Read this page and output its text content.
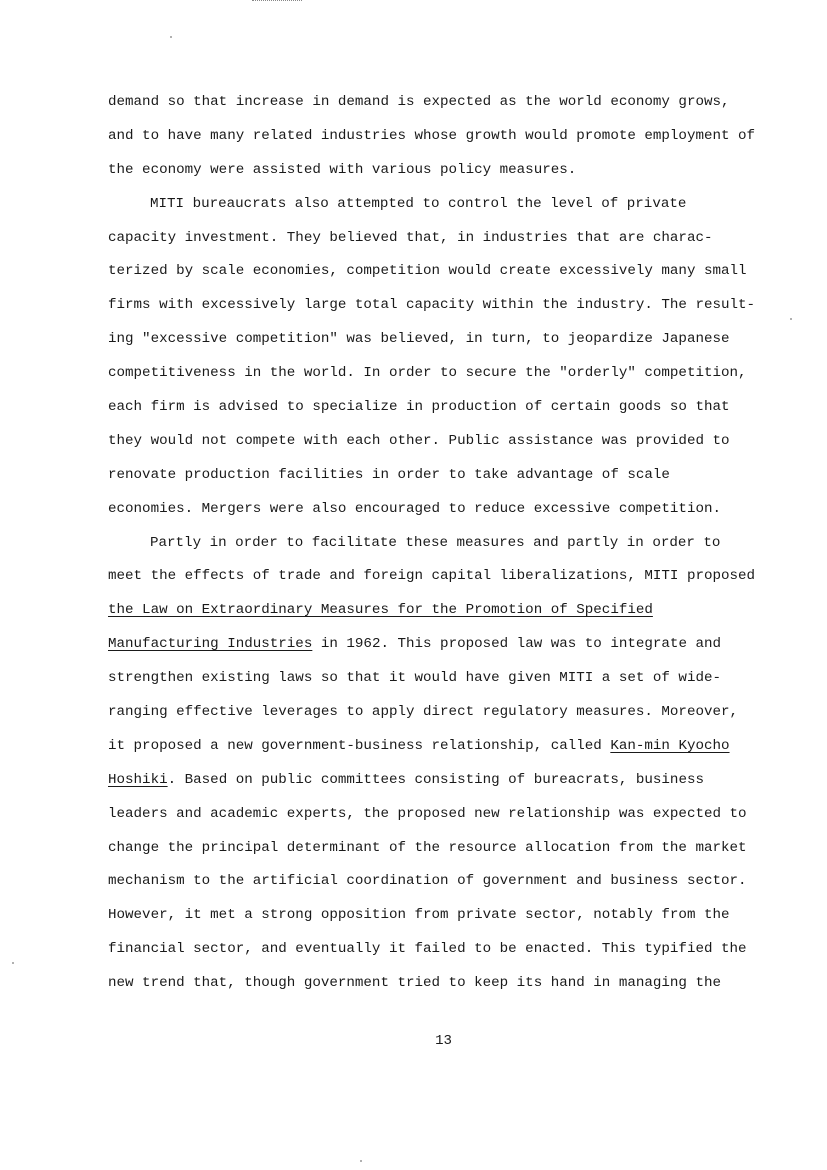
demand so that increase in demand is expected as the world economy grows,
and to have many related industries whose growth would promote employment of
the economy were assisted with various policy measures.
MITI bureaucrats also attempted to control the level of private
capacity investment. They believed that, in industries that are charac-
terized by scale economies, competition would create excessively many small
firms with excessively large total capacity within the industry. The result-
ing "excessive competition" was believed, in turn, to jeopardize Japanese
competitiveness in the world. In order to secure the "orderly" competition,
each firm is advised to specialize in production of certain goods so that
they would not compete with each other. Public assistance was provided to
renovate production facilities in order to take advantage of scale
economies. Mergers were also encouraged to reduce excessive competition.
Partly in order to facilitate these measures and partly in order to
meet the effects of trade and foreign capital liberalizations, MITI proposed
the Law on Extraordinary Measures for the Promotion of Specified
Manufacturing Industries in 1962. This proposed law was to integrate and
strengthen existing laws so that it would have given MITI a set of wide-
ranging effective leverages to apply direct regulatory measures. Moreover,
it proposed a new government-business relationship, called Kan-min Kyocho
Hoshiki. Based on public committees consisting of bureacrats, business
leaders and academic experts, the proposed new relationship was expected to
change the principal determinant of the resource allocation from the market
mechanism to the artificial coordination of government and business sector.
However, it met a strong opposition from private sector, notably from the
financial sector, and eventually it failed to be enacted. This typified the
new trend that, though government tried to keep its hand in managing the
13
